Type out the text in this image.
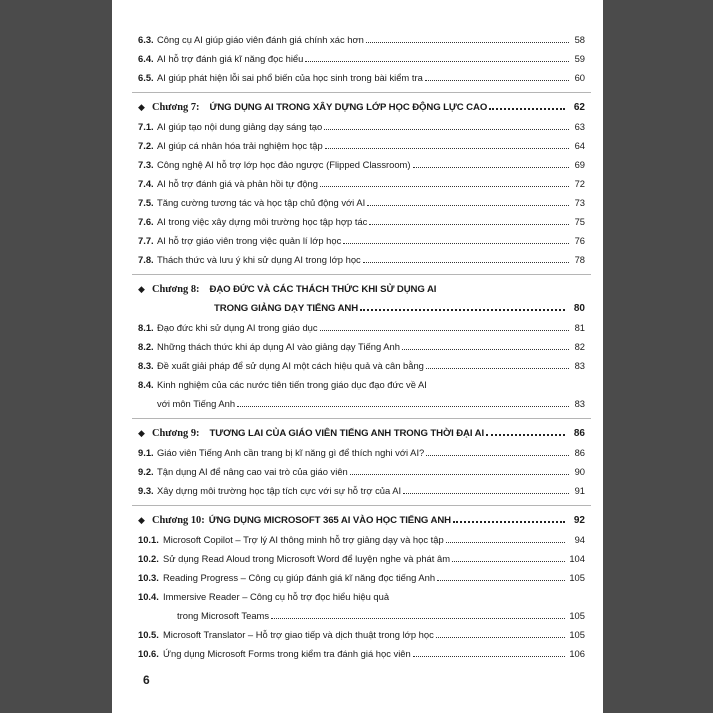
6.3. Công cụ AI giúp giáo viên đánh giá chính xác hơn	58
6.4. AI hỗ trợ đánh giá kĩ năng đọc hiểu	59
6.5. AI giúp phát hiện lỗi sai phổ biến của học sinh trong bài kiểm tra	60
◆ Chương 7: ỨNG DỤNG AI TRONG XÂY DỰNG LỚP HỌC ĐỘNG LỰC CAO	62
7.1. AI giúp tạo nội dung giảng dạy sáng tạo	63
7.2. AI giúp cá nhân hóa trải nghiệm học tập	64
7.3. Công nghệ AI hỗ trợ lớp học đảo ngược (Flipped Classroom)	69
7.4. AI hỗ trợ đánh giá và phản hồi tự động	72
7.5. Tăng cường tương tác và học tập chủ động với AI	73
7.6. AI trong việc xây dựng môi trường học tập hợp tác	75
7.7. AI hỗ trợ giáo viên trong việc quản lí lớp học	76
7.8. Thách thức và lưu ý khi sử dụng AI trong lớp học	78
◆ Chương 8: ĐẠO ĐỨC VÀ CÁC THÁCH THỨC KHI SỬ DỤNG AI
TRONG GIẢNG DẠY TIẾNG ANH	80
8.1. Đạo đức khi sử dụng AI trong giáo dục	81
8.2. Những thách thức khi áp dụng AI vào giảng dạy Tiếng Anh	82
8.3. Đề xuất giải pháp để sử dụng AI một cách hiệu quả và cân bằng	83
8.4. Kinh nghiệm của các nước tiên tiến trong giáo dục đạo đức về AI
với môn Tiếng Anh	83
◆ Chương 9: TƯƠNG LAI CỦA GIÁO VIÊN TIẾNG ANH TRONG THỜI ĐẠI AI	86
9.1. Giáo viên Tiếng Anh cần trang bị kĩ năng gì để thích nghi với AI?	86
9.2. Tận dụng AI để nâng cao vai trò của giáo viên	90
9.3. Xây dựng môi trường học tập tích cực với sự hỗ trợ của AI	91
◆ Chương 10: ỨNG DỤNG MICROSOFT 365 AI VÀO HỌC TIẾNG ANH	92
10.1. Microsoft Copilot – Trợ lý AI thông minh hỗ trợ giảng dạy và học tập	94
10.2. Sử dụng Read Aloud trong Microsoft Word để luyện nghe và phát âm	104
10.3. Reading Progress – Công cụ giúp đánh giá kĩ năng đọc tiếng Anh	105
10.4. Immersive Reader – Công cụ hỗ trợ đọc hiểu hiệu quả
trong Microsoft Teams	105
10.5. Microsoft Translator – Hỗ trợ giao tiếp và dịch thuật trong lớp học	105
10.6. Ứng dụng Microsoft Forms trong kiểm tra đánh giá học viên	106
6
